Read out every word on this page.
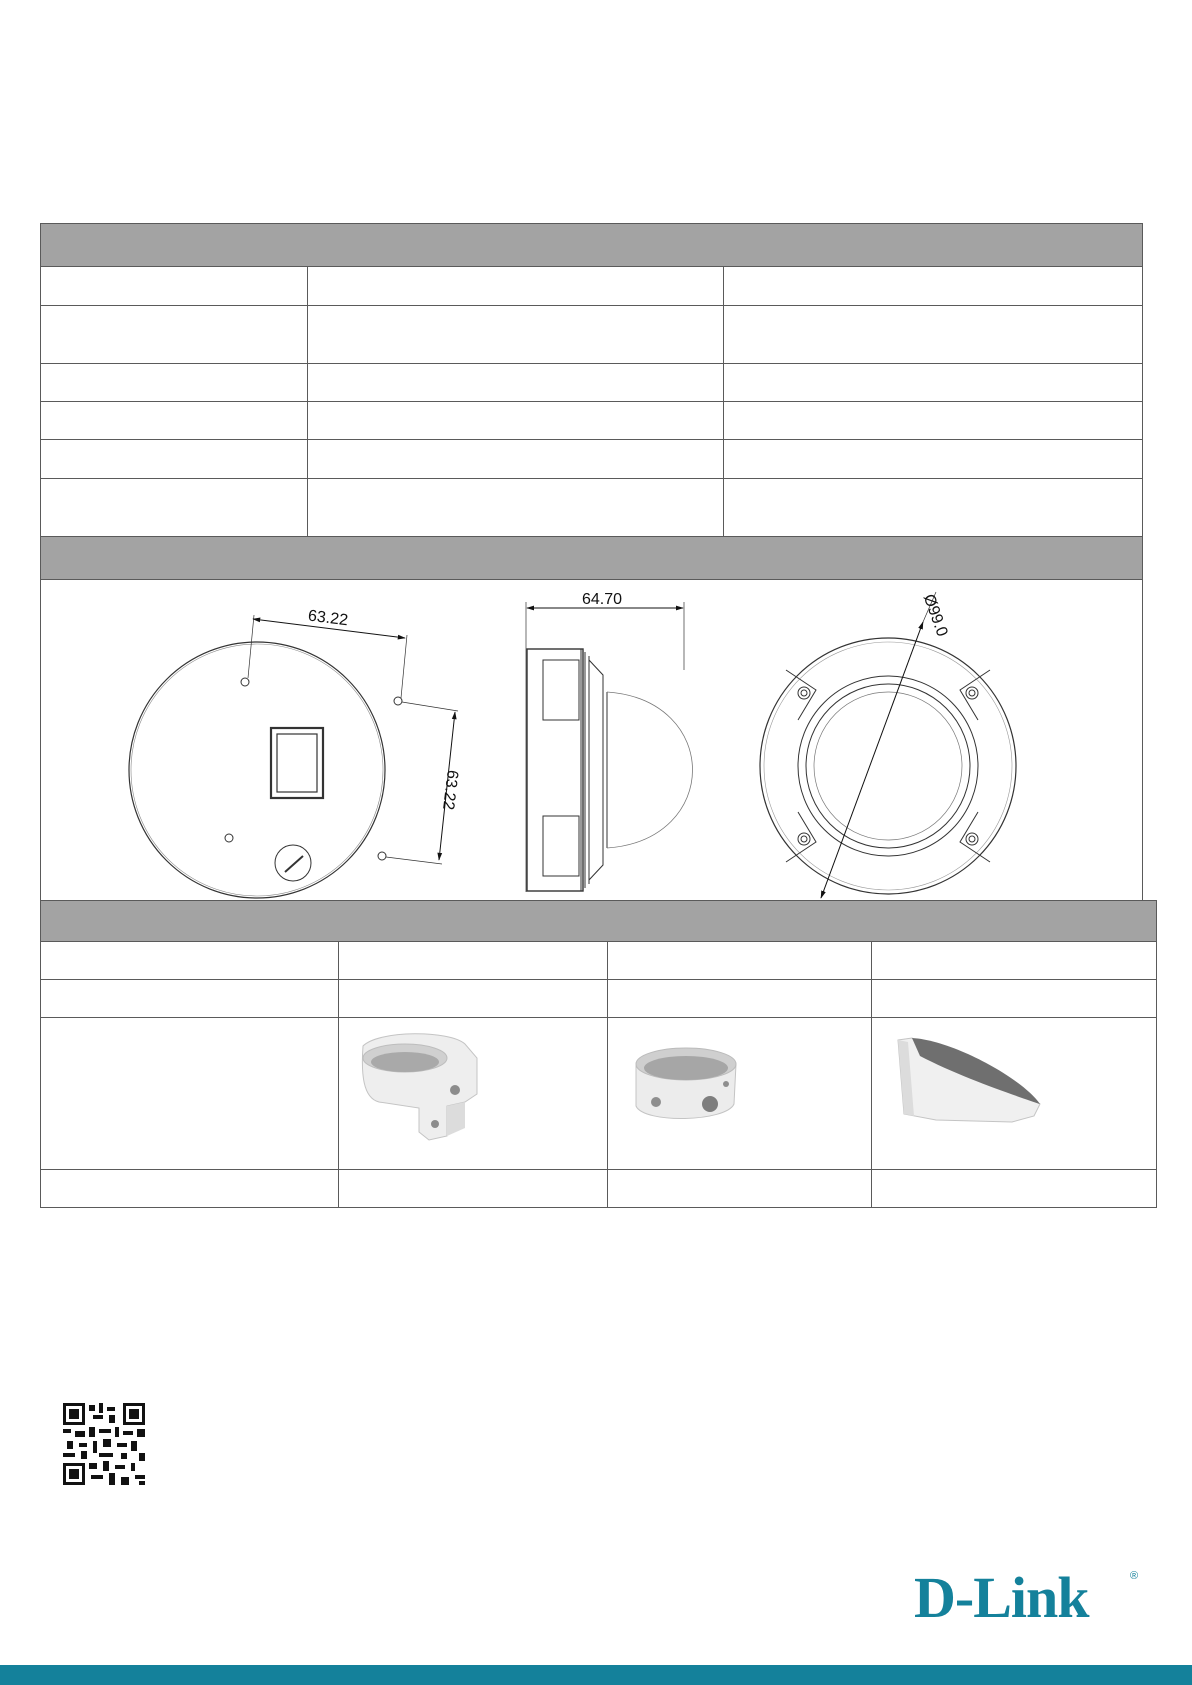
63.22
63.22
64.70	Ø99.0

D-Link	®
